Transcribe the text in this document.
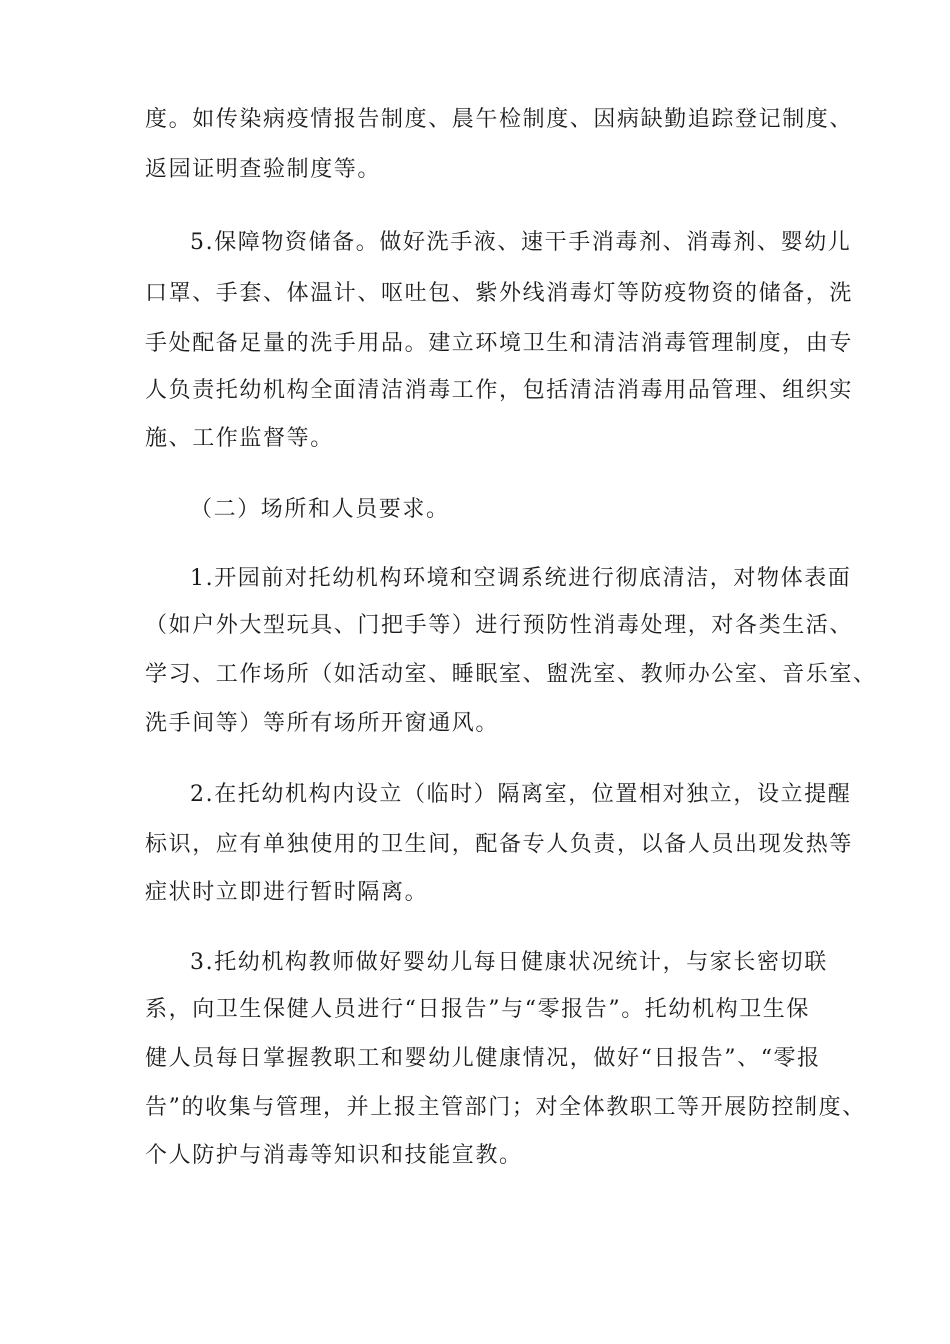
度。如传染病疫情报告制度、晨午检制度、因病缺勤追踪登记制度、
返园证明查验制度等。
5.保障物资储备。做好洗手液、速干手消毒剂、消毒剂、婴幼儿
口罩、手套、体温计、呕吐包、紫外线消毒灯等防疫物资的储备，洗
手处配备足量的洗手用品。建立环境卫生和清洁消毒管理制度，由专
人负责托幼机构全面清洁消毒工作，包括清洁消毒用品管理、组织实
施、工作监督等。
（二）场所和人员要求。
1.开园前对托幼机构环境和空调系统进行彻底清洁，对物体表面
（如户外大型玩具、门把手等）进行预防性消毒处理，对各类生活、
学习、工作场所（如活动室、睡眠室、盥洗室、教师办公室、音乐室、
洗手间等）等所有场所开窗通风。
2.在托幼机构内设立（临时）隔离室，位置相对独立，设立提醒
标识，应有单独使用的卫生间，配备专人负责，以备人员出现发热等
症状时立即进行暂时隔离。
3.托幼机构教师做好婴幼儿每日健康状况统计，与家长密切联
系，向卫生保健人员进行“日报告”与“零报告”。托幼机构卫生保
健人员每日掌握教职工和婴幼儿健康情况，做好“日报告”、“零报
告”的收集与管理，并上报主管部门；对全体教职工等开展防控制度、
个人防护与消毒等知识和技能宣教。
